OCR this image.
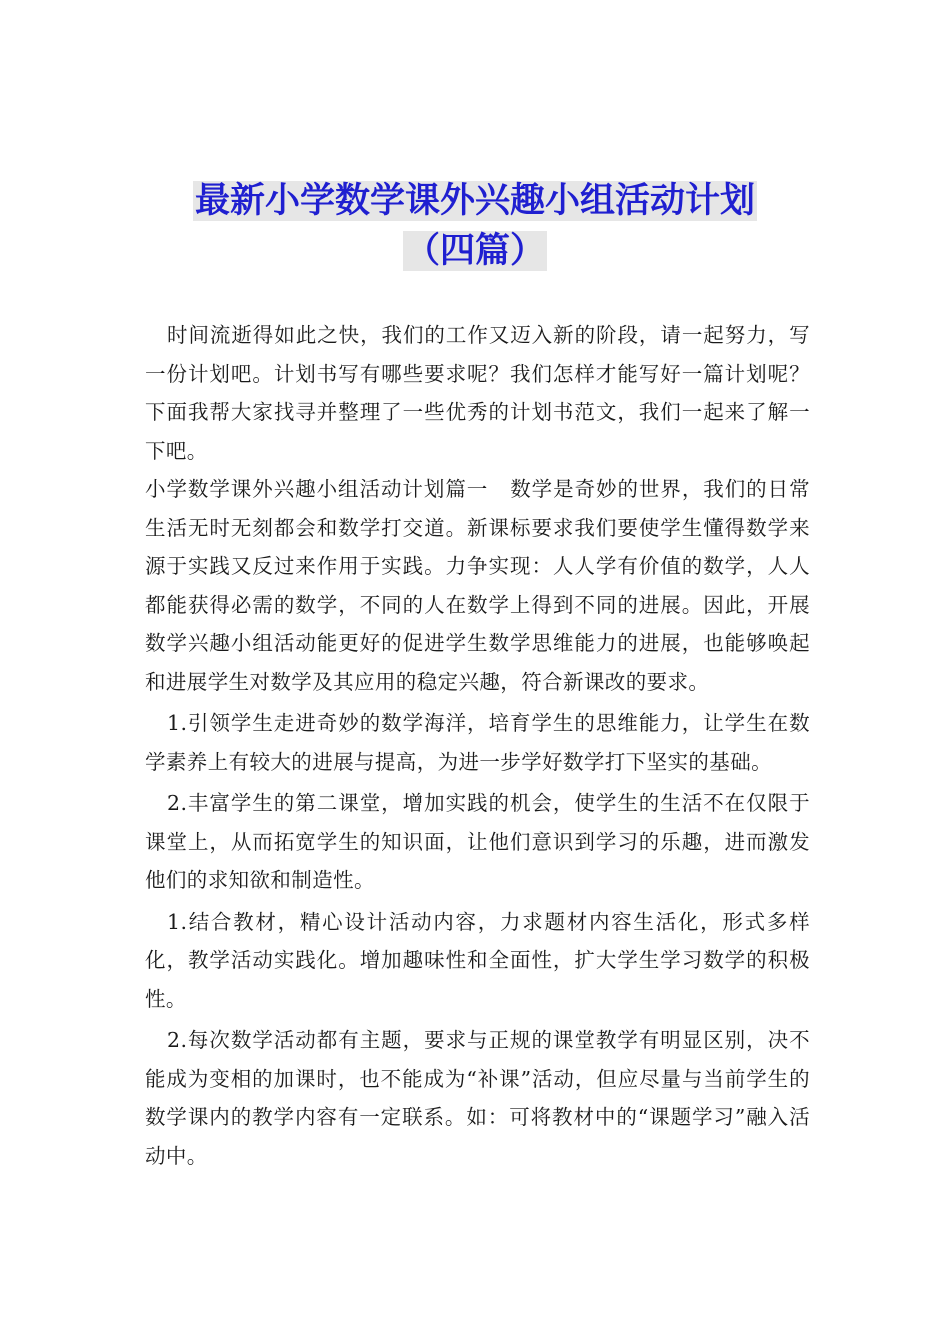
最新小学数学课外兴趣小组活动计划
（四篇）

时间流逝得如此之快，我们的工作又迈入新的阶段，请一起努力，写一份计划吧。计划书写有哪些要求呢？我们怎样才能写好一篇计划呢？下面我帮大家找寻并整理了一些优秀的计划书范文，我们一起来了解一下吧。

小学数学课外兴趣小组活动计划篇一 数学是奇妙的世界，我们的日常生活无时无刻都会和数学打交道。新课标要求我们要使学生懂得数学来源于实践又反过来作用于实践。力争实现：人人学有价值的数学，人人都能获得必需的数学，不同的人在数学上得到不同的进展。因此，开展数学兴趣小组活动能更好的促进学生数学思维能力的进展，也能够唤起和进展学生对数学及其应用的稳定兴趣，符合新课改的要求。

1.引领学生走进奇妙的数学海洋，培育学生的思维能力，让学生在数学素养上有较大的进展与提高，为进一步学好数学打下坚实的基础。

2.丰富学生的第二课堂，增加实践的机会，使学生的生活不在仅限于课堂上，从而拓宽学生的知识面，让他们意识到学习的乐趣，进而激发他们的求知欲和制造性。

1.结合教材，精心设计活动内容，力求题材内容生活化，形式多样化，教学活动实践化。增加趣味性和全面性，扩大学生学习数学的积极性。

2.每次数学活动都有主题，要求与正规的课堂教学有明显区别，决不能成为变相的加课时，也不能成为“补课”活动，但应尽量与当前学生的数学课内的教学内容有一定联系。如：可将教材中的“课题学习”融入活动中。
